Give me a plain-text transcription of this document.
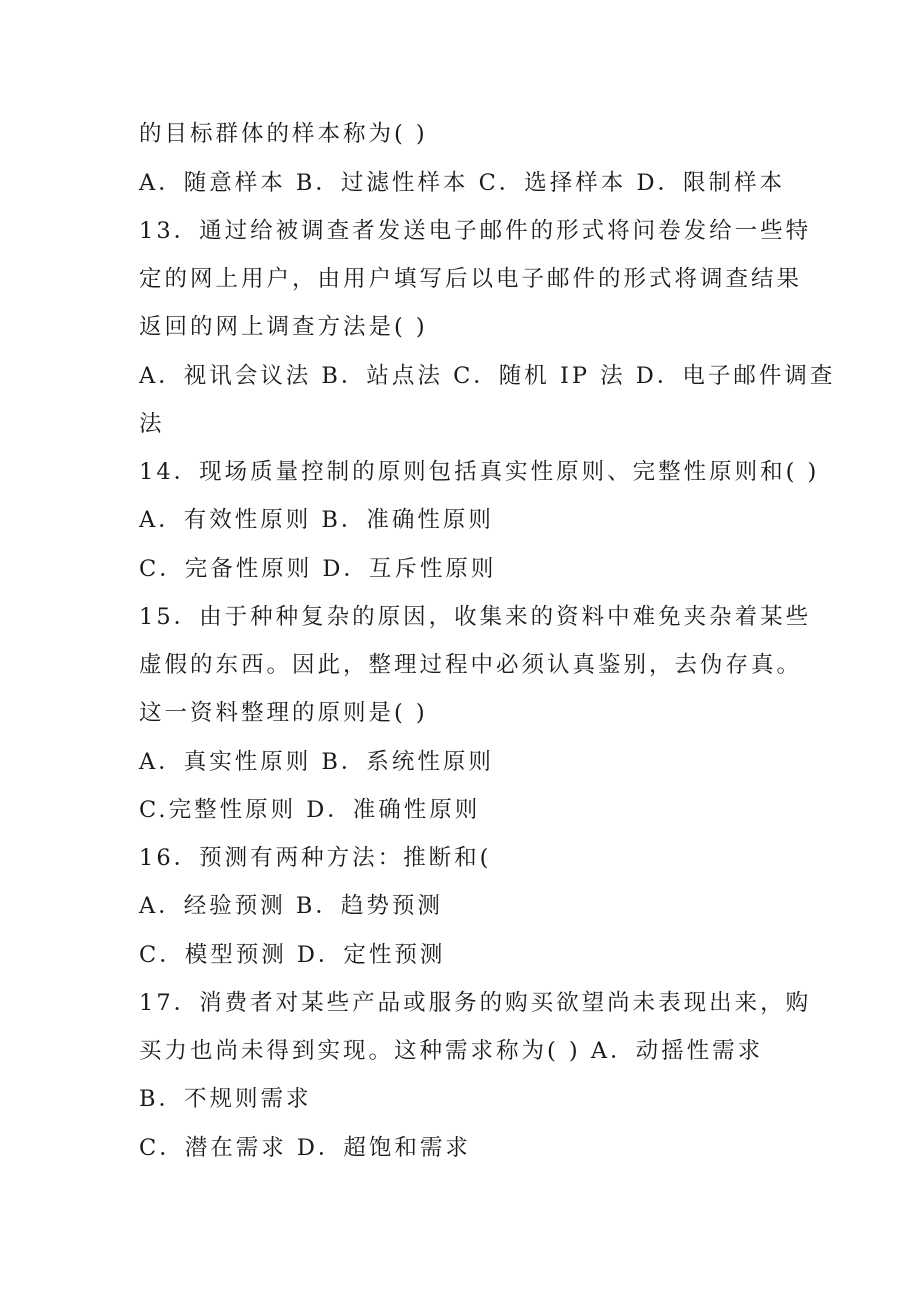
的目标群体的样本称为( )
A．随意样本 B．过滤性样本 C．选择样本 D．限制样本
13．通过给被调查者发送电子邮件的形式将问卷发给一些特
定的网上用户，由用户填写后以电子邮件的形式将调查结果
返回的网上调查方法是( )
A．视讯会议法 B．站点法 C．随机 IP 法 D．电子邮件调查
法
14．现场质量控制的原则包括真实性原则、完整性原则和( )
A．有效性原则 B．准确性原则
C．完备性原则 D．互斥性原则
15．由于种种复杂的原因，收集来的资料中难免夹杂着某些
虚假的东西。因此，整理过程中必须认真鉴别，去伪存真。
这一资料整理的原则是( )
A．真实性原则 B．系统性原则
C.完整性原则 D．准确性原则
16．预测有两种方法：推断和(
A．经验预测 B．趋势预测
C．模型预测 D．定性预测
17．消费者对某些产品或服务的购买欲望尚未表现出来，购
买力也尚未得到实现。这种需求称为( ) A．动摇性需求
B．不规则需求
C．潜在需求 D．超饱和需求
